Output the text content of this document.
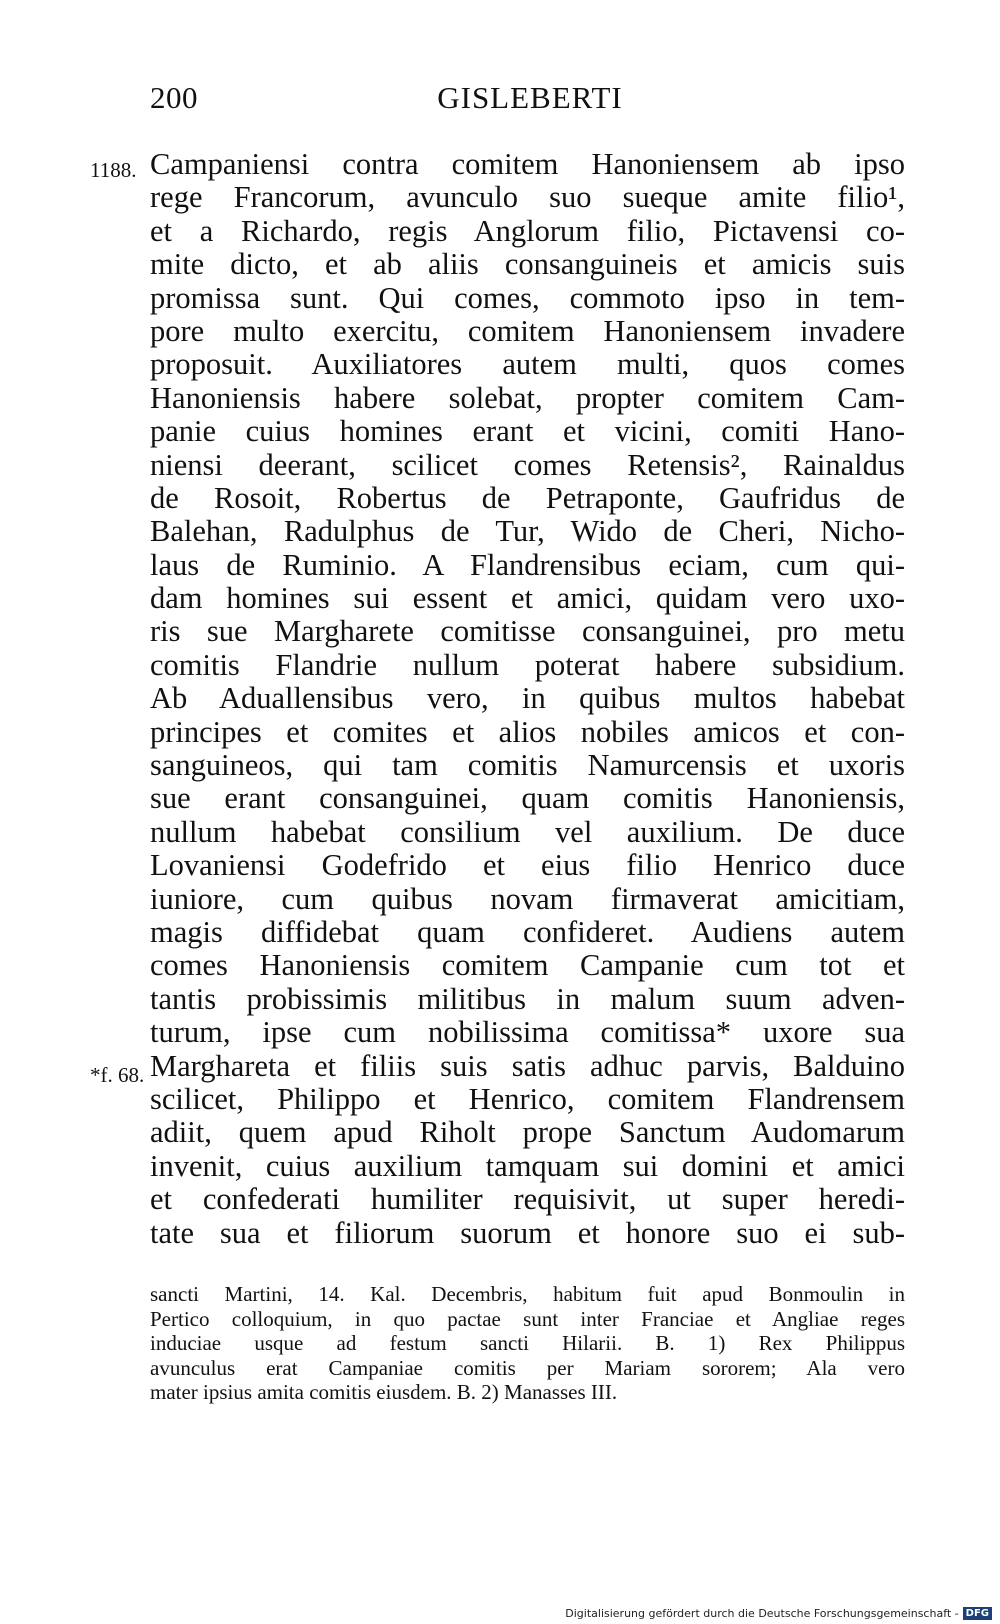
200	GISLEBERTI
1188.
*f. 68.
Campaniensi contra comitem Hanoniensem ab ipso
rege Francorum, avunculo suo sueque amite filio¹,
et a Richardo, regis Anglorum filio, Pictavensi co-
mite dicto, et ab aliis consanguineis et amicis suis
promissa sunt. Qui comes, commoto ipso in tem-
pore multo exercitu, comitem Hanoniensem invadere
proposuit. Auxiliatores autem multi, quos comes
Hanoniensis habere solebat, propter comitem Cam-
panie cuius homines erant et vicini, comiti Hano-
niensi deerant, scilicet comes Retensis², Rainaldus
de Rosoit, Robertus de Petraponte, Gaufridus de
Balehan, Radulphus de Tur, Wido de Cheri, Nicho-
laus de Ruminio. A Flandrensibus eciam, cum qui-
dam homines sui essent et amici, quidam vero uxo-
ris sue Margharete comitisse consanguinei, pro metu
comitis Flandrie nullum poterat habere subsidium.
Ab Aduallensibus vero, in quibus multos habebat
principes et comites et alios nobiles amicos et con-
sanguineos, qui tam comitis Namurcensis et uxoris
sue erant consanguinei, quam comitis Hanoniensis,
nullum habebat consilium vel auxilium. De duce
Lovaniensi Godefrido et eius filio Henrico duce
iuniore, cum quibus novam firmaverat amicitiam,
magis diffidebat quam confideret. Audiens autem
comes Hanoniensis comitem Campanie cum tot et
tantis probissimis militibus in malum suum adven-
turum, ipse cum nobilissima comitissa* uxore sua
Margharetа et filiis suis satis adhuc parvis, Balduino
scilicet, Philippo et Henrico, comitem Flandrensem
adiit, quem apud Riholt prope Sanctum Audomarum
invenit, cuius auxilium tamquam sui domini et amici
et confederati humiliter requisivit, ut super heredi-
tate sua et filiorum suorum et honore suo ei sub-
sancti Martini, 14. Kal. Decembris, habitum fuit apud Bonmoulin in
Pertico colloquium, in quo pactae sunt inter Franciae et Angliae reges
induciae usque ad festum sancti Hilarii. B. 1) Rex Philippus
avunculus erat Campaniae comitis per Mariam sororem; Ala vero
mater ipsius amita comitis eiusdem. B. 2) Manasses III.
Digitalisierung gefördert durch die Deutsche Forschungsgemeinschaft - DFG
